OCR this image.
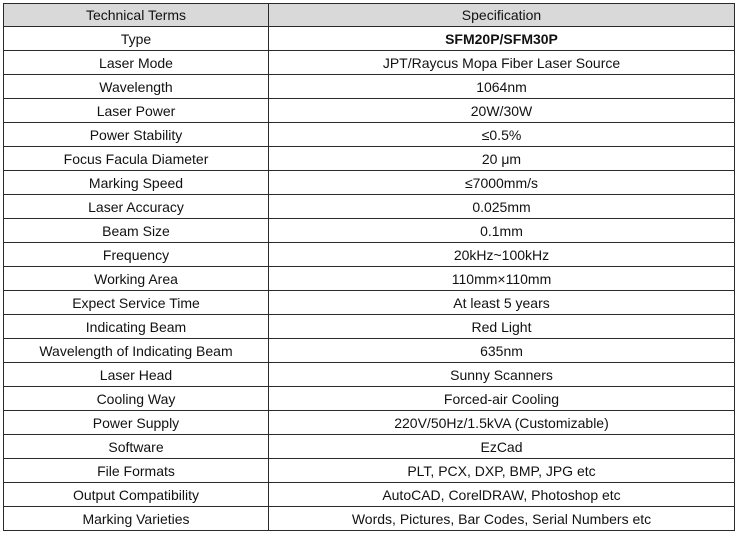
Technical Terms	Specification
Type	SFM20P/SFM30P
Laser Mode	JPT/Raycus Mopa Fiber Laser Source
Wavelength	1064nm
Laser Power	20W/30W
Power Stability	≤0.5%
Focus Facula Diameter	20 μm
Marking Speed	≤7000mm/s
Laser Accuracy	0.025mm
Beam Size	0.1mm
Frequency	20kHz~100kHz
Working Area	110mm×110mm
Expect Service Time	At least 5 years
Indicating Beam	Red Light
Wavelength of Indicating Beam	635nm
Laser Head	Sunny Scanners
Cooling Way	Forced-air Cooling
Power Supply	220V/50Hz/1.5kVA (Customizable)
Software	EzCad
File Formats	PLT, PCX, DXP, BMP, JPG etc
Output Compatibility	AutoCAD, CorelDRAW, Photoshop etc
Marking Varieties	Words, Pictures, Bar Codes, Serial Numbers etc
